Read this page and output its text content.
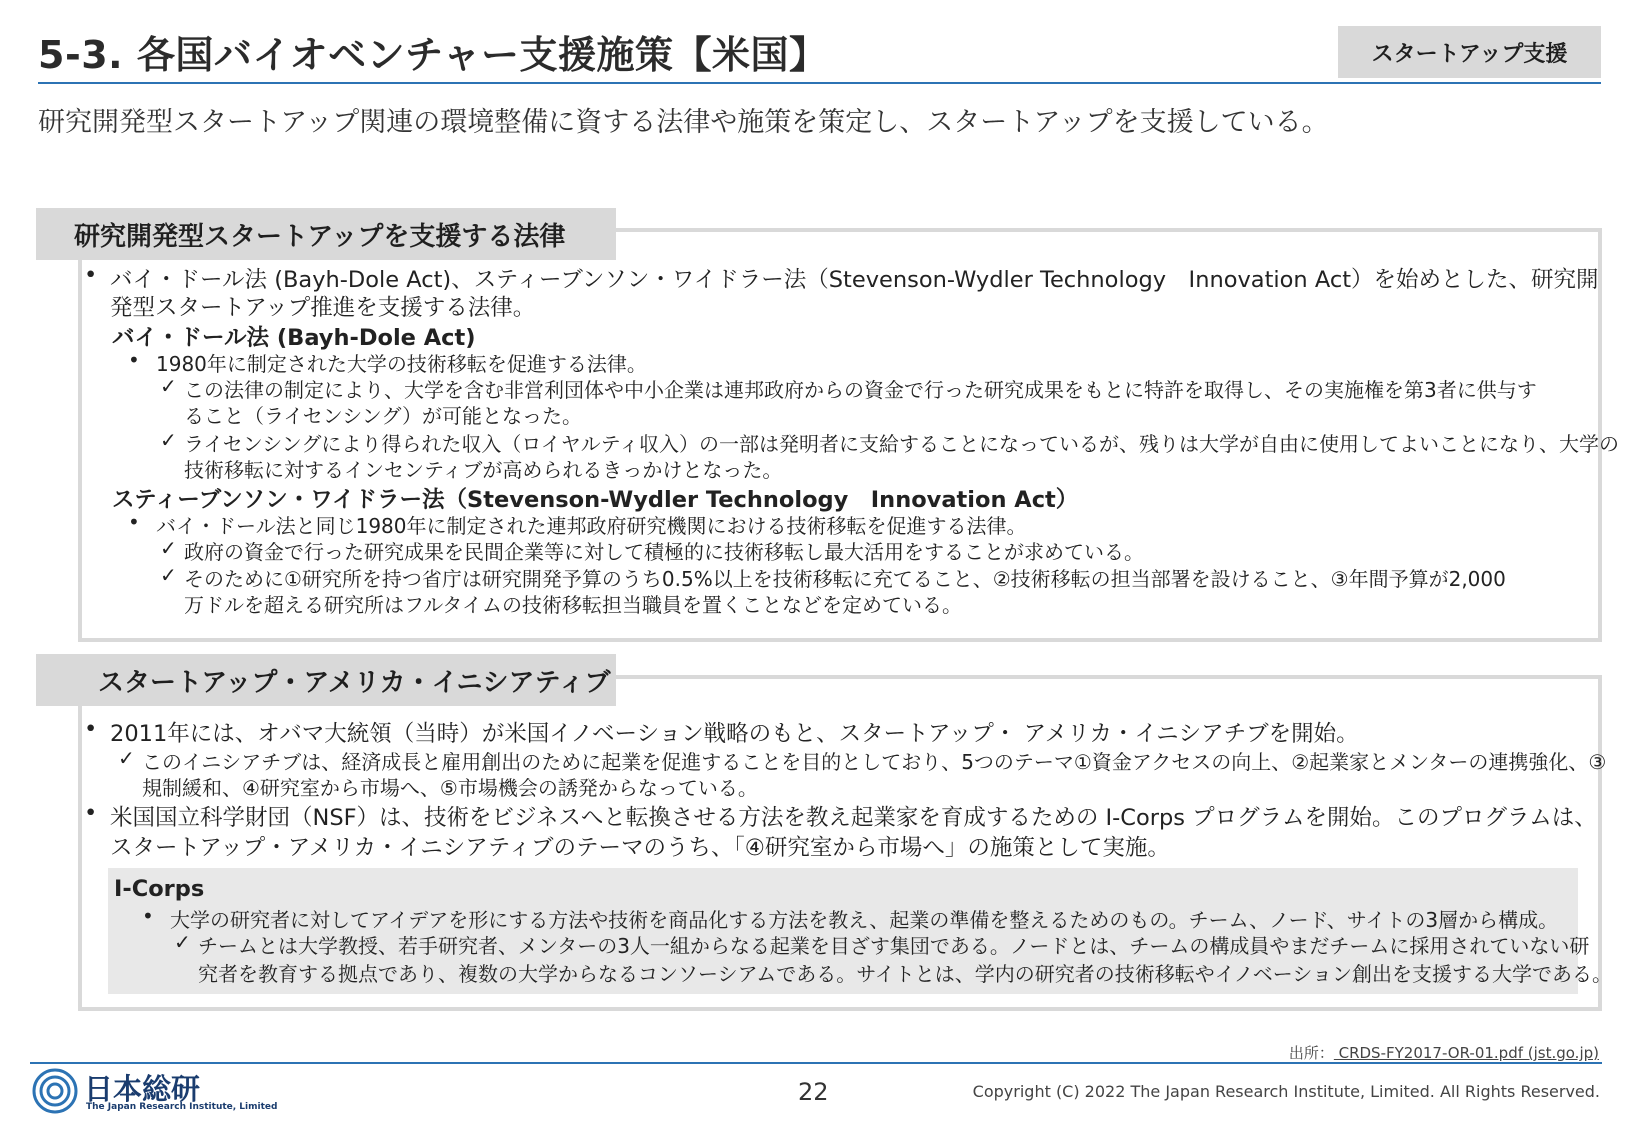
5-3. 各国バイオベンチャー支援施策【米国】	スタートアップ支援
研究開発型スタートアップ関連の環境整備に資する法律や施策を策定し、スタートアップを支援している。
研究開発型スタートアップを支援する法律
• バイ・ドール法 (Bayh-Dole Act)、スティーブンソン・ワイドラー法（Stevenson-Wydler Technology　Innovation Act）を始めとした、研究開
発型スタートアップ推進を支援する法律。
バイ・ドール法 (Bayh-Dole Act)
• 1980年に制定された大学の技術移転を促進する法律。
✓ この法律の制定により、大学を含む非営利団体や中小企業は連邦政府からの資金で行った研究成果をもとに特許を取得し、その実施権を第3者に供与す
ること（ライセンシング）が可能となった。
✓ ライセンシングにより得られた収入（ロイヤルティ収入）の一部は発明者に支給することになっているが、残りは大学が自由に使用してよいことになり、大学の
技術移転に対するインセンティブが高められるきっかけとなった。
スティーブンソン・ワイドラー法（Stevenson-Wydler Technology　Innovation Act）
• バイ・ドール法と同じ1980年に制定された連邦政府研究機関における技術移転を促進する法律。
✓ 政府の資金で行った研究成果を民間企業等に対して積極的に技術移転し最大活用をすることが求めている。
✓ そのために①研究所を持つ省庁は研究開発予算のうち0.5%以上を技術移転に充てること、②技術移転の担当部署を設けること、③年間予算が2,000
万ドルを超える研究所はフルタイムの技術移転担当職員を置くことなどを定めている。
スタートアップ・アメリカ・イニシアティブ
• 2011年には、オバマ大統領（当時）が米国イノベーション戦略のもと、スタートアップ・ アメリカ・イニシアチブを開始。
✓ このイニシアチブは、経済成長と雇用創出のために起業を促進することを目的としており、5つのテーマ①資金アクセスの向上、②起業家とメンターの連携強化、③
規制緩和、④研究室から市場へ、⑤市場機会の誘発からなっている。
• 米国国立科学財団（NSF）は、技術をビジネスへと転換させる方法を教え起業家を育成するための I-Corps プログラムを開始。このプログラムは、
スタートアップ・アメリカ・イニシアティブのテーマのうち、「④研究室から市場へ」の施策として実施。
I-Corps
• 大学の研究者に対してアイデアを形にする方法や技術を商品化する方法を教え、起業の準備を整えるためのもの。チーム、ノード、サイトの3層から構成。
✓ チームとは大学教授、若手研究者、メンターの3人一組からなる起業を目ざす集団である。ノードとは、チームの構成員やまだチームに採用されていない研
究者を教育する拠点であり、複数の大学からなるコンソーシアムである。サイトとは、学内の研究者の技術移転やイノベーション創出を支援する大学である。
出所： CRDS-FY2017-OR-01.pdf (jst.go.jp)
日本総研
The Japan Research Institute, Limited
22	Copyright (C) 2022 The Japan Research Institute, Limited. All Rights Reserved.
